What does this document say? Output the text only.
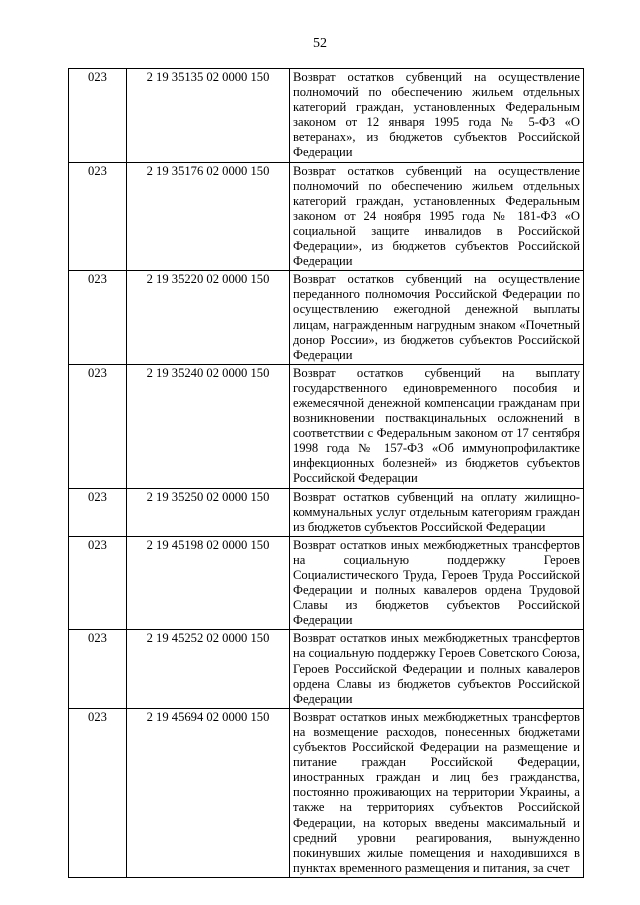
52
023	2 19 35135 02 0000 150	Возврат остатков субвенций на осуществление полномочий по обеспечению жильем отдельных категорий граждан, установленных Федеральным законом от 12 января 1995 года № 5-ФЗ «О ветеранах», из бюджетов субъектов Российской Федерации
023	2 19 35176 02 0000 150	Возврат остатков субвенций на осуществление полномочий по обеспечению жильем отдельных категорий граждан, установленных Федеральным законом от 24 ноября 1995 года № 181-ФЗ «О социальной защите инвалидов в Российской Федерации», из бюджетов субъектов Российской Федерации
023	2 19 35220 02 0000 150	Возврат остатков субвенций на осуществление переданного полномочия Российской Федерации по осуществлению ежегодной денежной выплаты лицам, награжденным нагрудным знаком «Почетный донор России», из бюджетов субъектов Российской Федерации
023	2 19 35240 02 0000 150	Возврат остатков субвенций на выплату государственного единовременного пособия и ежемесячной денежной компенсации гражданам при возникновении поствакцинальных осложнений в соответствии с Федеральным законом от 17 сентября 1998 года № 157-ФЗ «Об иммунопрофилактике инфекционных болезней» из бюджетов субъектов Российской Федерации
023	2 19 35250 02 0000 150	Возврат остатков субвенций на оплату жилищно-коммунальных услуг отдельным категориям граждан из бюджетов субъектов Российской Федерации
023	2 19 45198 02 0000 150	Возврат остатков иных межбюджетных трансфертов на социальную поддержку Героев Социалистического Труда, Героев Труда Российской Федерации и полных кавалеров ордена Трудовой Славы из бюджетов субъектов Российской Федерации
023	2 19 45252 02 0000 150	Возврат остатков иных межбюджетных трансфертов на социальную поддержку Героев Советского Союза, Героев Российской Федерации и полных кавалеров ордена Славы из бюджетов субъектов Российской Федерации
023	2 19 45694 02 0000 150	Возврат остатков иных межбюджетных трансфертов на возмещение расходов, понесенных бюджетами субъектов Российской Федерации на размещение и питание граждан Российской Федерации, иностранных граждан и лиц без гражданства, постоянно проживающих на территории Украины, а также на территориях субъектов Российской Федерации, на которых введены максимальный и средний уровни реагирования, вынужденно покинувших жилые помещения и находившихся в пунктах временного размещения и питания, за счет
